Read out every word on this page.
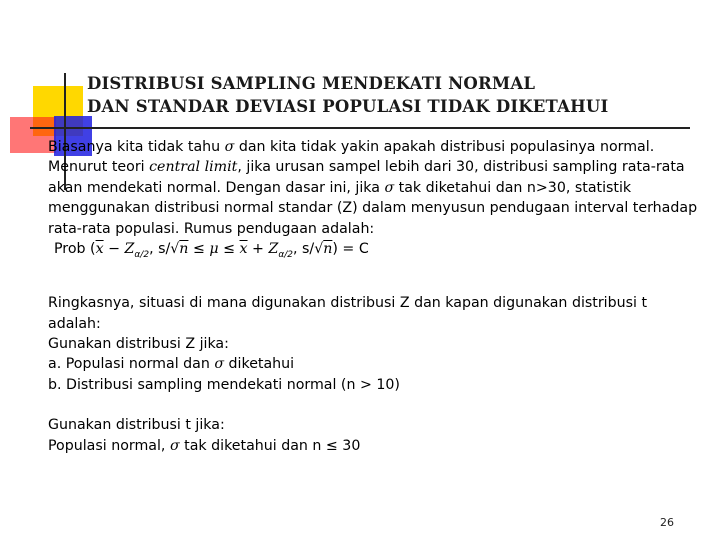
DISTRIBUSI SAMPLING MENDEKATI NORMAL
DAN STANDAR DEVIASI POPULASI TIDAK DIKETAHUI

Biasanya kita tidak tahu σ dan kita tidak yakin apakah distribusi populasinya normal. Menurut teori central limit, jika urusan sampel lebih dari 30, distribusi sampling rata-rata akan mendekati normal. Dengan dasar ini, jika σ tak diketahui dan n>30, statistik menggunakan distribusi normal standar (Z) dalam menyusun pendugaan interval terhadap rata-rata populasi. Rumus pendugaan adalah:

Prob ($\overline{x} - Z_{\alpha/2}$, $s/√n \le \mu \le \overline{x} + Z_{\alpha/2}$, s/√n) = C

Ringkasnya, situasi di mana digunakan distribusi Z dan kapan digunakan distribusi t adalah:

Gunakan distribusi Z jika:

a. Populasi normal dan σ diketahui

b. Distribusi sampling mendekati normal (n > 10)

Gunakan distribusi t jika:

Populasi normal, σ tak diketahui dan n ≤ 30

26
